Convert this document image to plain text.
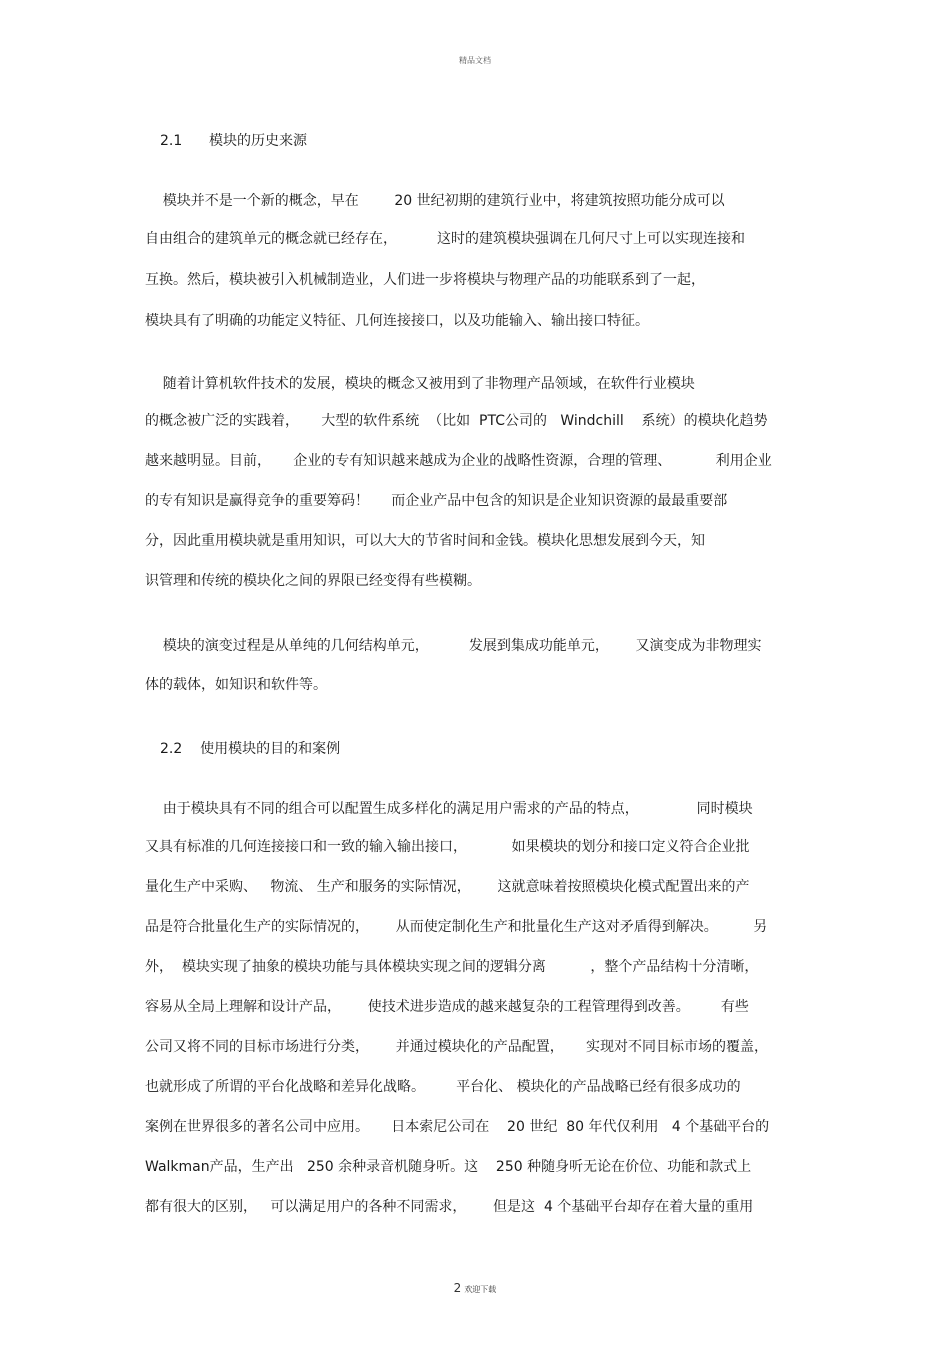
精品文档
2.1      模块的历史来源
模块并不是一个新的概念，早在        20 世纪初期的建筑行业中，将建筑按照功能分成可以
自由组合的建筑单元的概念就已经存在，         这时的建筑模块强调在几何尺寸上可以实现连接和
互换。然后，模块被引入机械制造业，人们进一步将模块与物理产品的功能联系到了一起，
模块具有了明确的功能定义特征、几何连接接口，以及功能输入、输出接口特征。
随着计算机软件技术的发展，模块的概念又被用到了非物理产品领域，在软件行业模块
的概念被广泛的实践着，     大型的软件系统  （比如  PTC公司的   Windchill    系统）的模块化趋势
越来越明显。目前，     企业的专有知识越来越成为企业的战略性资源，合理的管理、          利用企业
的专有知识是赢得竞争的重要筹码！     而企业产品中包含的知识是企业知识资源的最最重要部
分，因此重用模块就是重用知识，可以大大的节省时间和金钱。模块化思想发展到今天，知
识管理和传统的模块化之间的界限已经变得有些模糊。
模块的演变过程是从单纯的几何结构单元，         发展到集成功能单元，      又演变成为非物理实
体的载体，如知识和软件等。
2.2    使用模块的目的和案例
由于模块具有不同的组合可以配置生成多样化的满足用户需求的产品的特点，             同时模块
又具有标准的几何连接接口和一致的输入输出接口，          如果模块的划分和接口定义符合企业批
量化生产中采购、   物流、 生产和服务的实际情况，      这就意味着按照模块化模式配置出来的产
品是符合批量化生产的实际情况的，      从而使定制化生产和批量化生产这对矛盾得到解决。        另
外，  模块实现了抽象的模块功能与具体模块实现之间的逻辑分离          ，整个产品结构十分清晰，
容易从全局上理解和设计产品，      使技术进步造成的越来越复杂的工程管理得到改善。       有些
公司又将不同的目标市场进行分类，      并通过模块化的产品配置，     实现对不同目标市场的覆盖，
也就形成了所谓的平台化战略和差异化战略。       平台化、 模块化的产品战略已经有很多成功的
案例在世界很多的著名公司中应用。     日本索尼公司在    20 世纪  80 年代仅利用   4 个基础平台的
Walkman产品，生产出   250 余种录音机随身听。这    250 种随身听无论在价位、功能和款式上
都有很大的区别，   可以满足用户的各种不同需求，      但是这  4 个基础平台却存在着大量的重用
2 欢迎下载
